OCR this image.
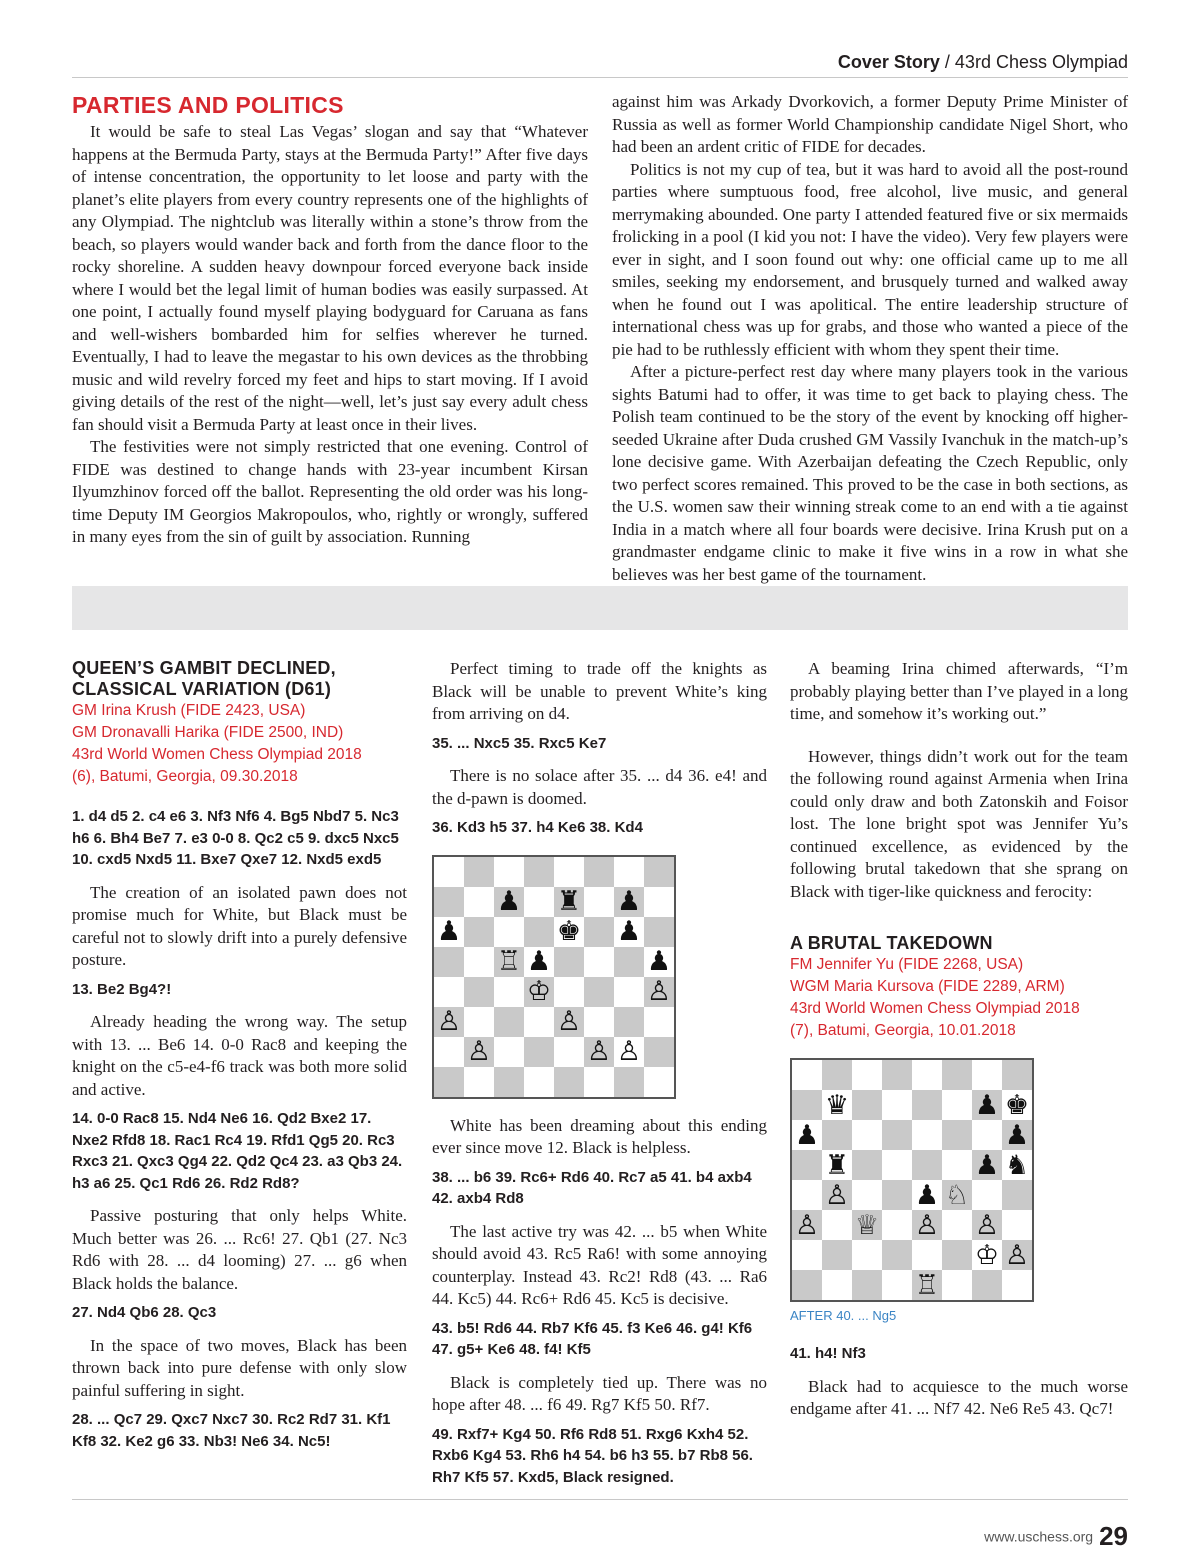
Cover Story / 43rd Chess Olympiad
PARTIES AND POLITICS

It would be safe to steal Las Vegas’ slogan and say that “Whatever happens at the Bermuda Party, stays at the Bermuda Party!” After five days of intense concentration, the opportunity to let loose and party with the planet’s elite players from every country represents one of the highlights of any Olympiad. The nightclub was literally within a stone’s throw from the beach, so players would wander back and forth from the dance floor to the rocky shoreline. A sudden heavy downpour forced everyone back inside where I would bet the legal limit of human bodies was easily surpassed. At one point, I actually found myself playing bodyguard for Caruana as fans and well-wishers bombarded him for selfies wherever he turned. Eventually, I had to leave the megastar to his own devices as the throbbing music and wild revelry forced my feet and hips to start moving. If I avoid giving details of the rest of the night—well, let’s just say every adult chess fan should visit a Bermuda Party at least once in their lives.

The festivities were not simply restricted that one evening. Control of FIDE was destined to change hands with 23-year incumbent Kirsan Ilyumzhinov forced off the ballot. Representing the old order was his long-time Deputy IM Georgios Makropoulos, who, rightly or wrongly, suffered in many eyes from the sin of guilt by association. Running

against him was Arkady Dvorkovich, a former Deputy Prime Minister of Russia as well as former World Championship candidate Nigel Short, who had been an ardent critic of FIDE for decades.

Politics is not my cup of tea, but it was hard to avoid all the post-round parties where sumptuous food, free alcohol, live music, and general merrymaking abounded. One party I attended featured five or six mermaids frolicking in a pool (I kid you not: I have the video). Very few players were ever in sight, and I soon found out why: one official came up to me all smiles, seeking my endorsement, and brusquely turned and walked away when he found out I was apolitical. The entire leadership structure of international chess was up for grabs, and those who wanted a piece of the pie had to be ruthlessly efficient with whom they spent their time.

After a picture-perfect rest day where many players took in the various sights Batumi had to offer, it was time to get back to playing chess. The Polish team continued to be the story of the event by knocking off higher-seeded Ukraine after Duda crushed GM Vassily Ivanchuk in the match-up’s lone decisive game. With Azerbaijan defeating the Czech Republic, only two perfect scores remained. This proved to be the case in both sections, as the U.S. women saw their winning streak come to an end with a tie against India in a match where all four boards were decisive. Irina Krush put on a grandmaster endgame clinic to make it five wins in a row in what she believes was her best game of the tournament.

QUEEN’S GAMBIT DECLINED, CLASSICAL VARIATION (D61)
GM Irina Krush (FIDE 2423, USA)
GM Dronavalli Harika (FIDE 2500, IND)
43rd World Women Chess Olympiad 2018
(6), Batumi, Georgia, 09.30.2018

1. d4 d5 2. c4 e6 3. Nf3 Nf6 4. Bg5 Nbd7 5. Nc3 h6 6. Bh4 Be7 7. e3 0-0 8. Qc2 c5 9. dxc5 Nxc5 10. cxd5 Nxd5 11. Bxe7 Qxe7 12. Nxd5 exd5

The creation of an isolated pawn does not promise much for White, but Black must be careful not to slowly drift into a purely defensive posture.

13. Be2 Bg4?!

Already heading the wrong way. The setup with 13. ... Be6 14. 0-0 Rac8 and keeping the knight on the c5-e4-f6 track was both more solid and active.

14. 0-0 Rac8 15. Nd4 Ne6 16. Qd2 Bxe2 17. Nxe2 Rfd8 18. Rac1 Rc4 19. Rfd1 Qg5 20. Rc3 Rxc3 21. Qxc3 Qg4 22. Qd2 Qc4 23. a3 Qb3 24. h3 a6 25. Qc1 Rd6 26. Rd2 Rd8?

Passive posturing that only helps White. Much better was 26. ... Rc6! 27. Qb1 (27. Nc3 Rd6 with 28. ... d4 looming) 27. ... g6 when Black holds the balance.

27. Nd4 Qb6 28. Qc3

In the space of two moves, Black has been thrown back into pure defense with only slow painful suffering in sight.

28. ... Qc7 29. Qxc7 Nxc7 30. Rc2 Rd7 31. Kf1 Kf8 32. Ke2 g6 33. Nb3! Ne6 34. Nc5!

Perfect timing to trade off the knights as Black will be unable to prevent White’s king from arriving on d4.

35. ... Nxc5 35. Rxc5 Ke7

There is no solace after 35. ... d4 36. e4! and the d-pawn is doomed.

36. Kd3 h5 37. h4 Ke6 38. Kd4

♟ ♜ ♟
♟	♚ ♟
♖ ♟	♟
♔	♙
♙	♙
♙	♙ ♙

White has been dreaming about this ending ever since move 12. Black is helpless.

38. ... b6 39. Rc6+ Rd6 40. Rc7 a5 41. b4 axb4 42. axb4 Rd8

The last active try was 42. ... b5 when White should avoid 43. Rc5 Ra6! with some annoying counterplay. Instead 43. Rc2! Rd8 (43. ... Ra6 44. Kc5) 44. Rc6+ Rd6 45. Kc5 is decisive.

43. b5! Rd6 44. Rb7 Kf6 45. f3 Ke6 46. g4! Kf6 47. g5+ Ke6 48. f4! Kf5

Black is completely tied up. There was no hope after 48. ... f6 49. Rg7 Kf5 50. Rf7.

49. Rxf7+ Kg4 50. Rf6 Rd8 51. Rxg6 Kxh4 52. Rxb6 Kg4 53. Rh6 h4 54. b6 h3 55. b7 Rb8 56. Rh7 Kf5 57. Kxd5, Black resigned.

A beaming Irina chimed afterwards, “I’m probably playing better than I’ve played in a long time, and somehow it’s working out.”

However, things didn’t work out for the team the following round against Armenia when Irina could only draw and both Zatonskih and Foisor lost. The lone bright spot was Jennifer Yu’s continued excellence, as evidenced by the following brutal takedown that she sprang on Black with tiger-like quickness and ferocity:

A BRUTAL TAKEDOWN
FM Jennifer Yu (FIDE 2268, USA)
WGM Maria Kursova (FIDE 2289, ARM)
43rd World Women Chess Olympiad 2018
(7), Batumi, Georgia, 10.01.2018
♛	♟ ♚
♟	♟
♜	♟ ♞
♙ ♟ ♘
♙ ♕ ♙ ♙
♔ ♙
♖
AFTER 40. ... Ng5

41. h4! Nf3

Black had to acquiesce to the much worse endgame after 41. ... Nf7 42. Ne6 Re5 43. Qc7!

www.uschess.org 29
